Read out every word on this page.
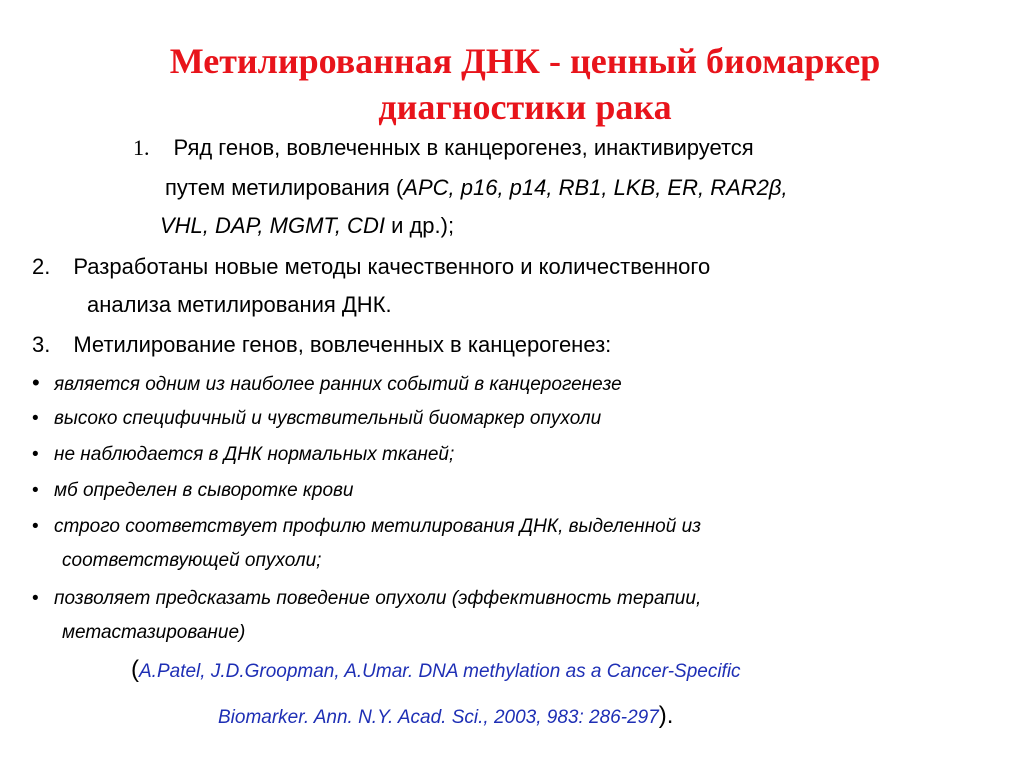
Метилированная ДНК - ценный биомаркер
диагностики рака
1. Ряд генов, вовлеченных в канцерогенез, инактивируется
путем метилирования (APC, p16, p14, RB1, LKB, ER, RAR2β,
VHL, DAP, MGMT, CDI и др.);
2. Разработаны новые методы качественного и количественного
анализа метилирования ДНК.
3. Метилирование генов, вовлеченных в канцерогенез:
• является одним из наиболее ранних событий в канцерогенезе
• высоко специфичный и чувствительный биомаркер опухоли
• не наблюдается в ДНК нормальных тканей;
• мб определен в сыворотке крови
• строго соответствует профилю метилирования ДНК, выделенной из
соответствующей опухоли;
• позволяет предсказать поведение опухоли (эффективность терапии,
метастазирование)
(A.Patel, J.D.Groopman, A.Umar. DNA methylation as a Cancer-Specific
Biomarker. Ann. N.Y. Acad. Sci., 2003, 983: 286-297).
